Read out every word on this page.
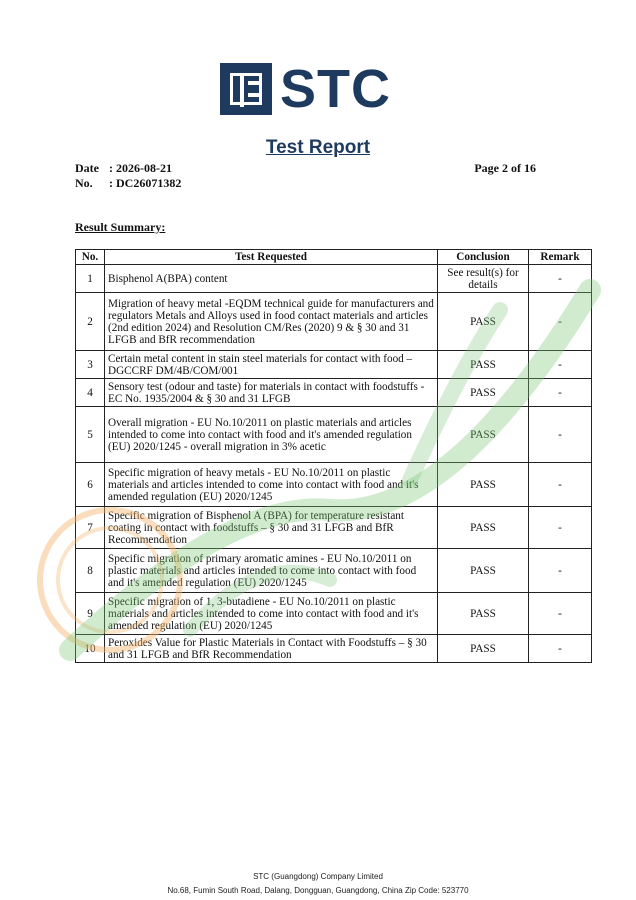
STC
Test Report
Date : 2026-08-21
No.	: DC26071382
Page 2 of 16
Result Summary:
No.	Test Requested	Conclusion	Remark
1	Bisphenol A(BPA) content	See result(s) for details	-
2	Migration of heavy metal -EQDM technical guide for manufacturers and regulators Metals and Alloys used in food contact materials and articles (2nd edition 2024) and Resolution CM/Res (2020) 9 & § 30 and 31 LFGB and BfR recommendation	PASS	-
3	Certain metal content in stain steel materials for contact with food – DGCCRF DM/4B/COM/001	PASS	-
4	Sensory test (odour and taste) for materials in contact with foodstuffs - EC No. 1935/2004 & § 30 and 31 LFGB	PASS	-
5	Overall migration - EU No.10/2011 on plastic materials and articles intended to come into contact with food and it's amended regulation (EU) 2020/1245 - overall migration in 3% acetic	PASS	-
6	Specific migration of heavy metals - EU No.10/2011 on plastic materials and articles intended to come into contact with food and it's amended regulation (EU) 2020/1245	PASS	-
7	Specific migration of Bisphenol A (BPA) for temperature resistant coating in contact with foodstuffs – § 30 and 31 LFGB and BfR Recommendation	PASS	-
8	Specific migration of primary aromatic amines - EU No.10/2011 on plastic materials and articles intended to come into contact with food and it's amended regulation (EU) 2020/1245	PASS	-
9	Specific migration of 1, 3-butadiene - EU No.10/2011 on plastic materials and articles intended to come into contact with food and it's amended regulation (EU) 2020/1245	PASS	-
10	Peroxides Value for Plastic Materials in Contact with Foodstuffs – § 30 and 31 LFGB and BfR Recommendation	PASS	-
STC (Guangdong) Company Limited
No.68, Fumin South Road, Dalang, Dongguan, Guangdong, China Zip Code: 523770
